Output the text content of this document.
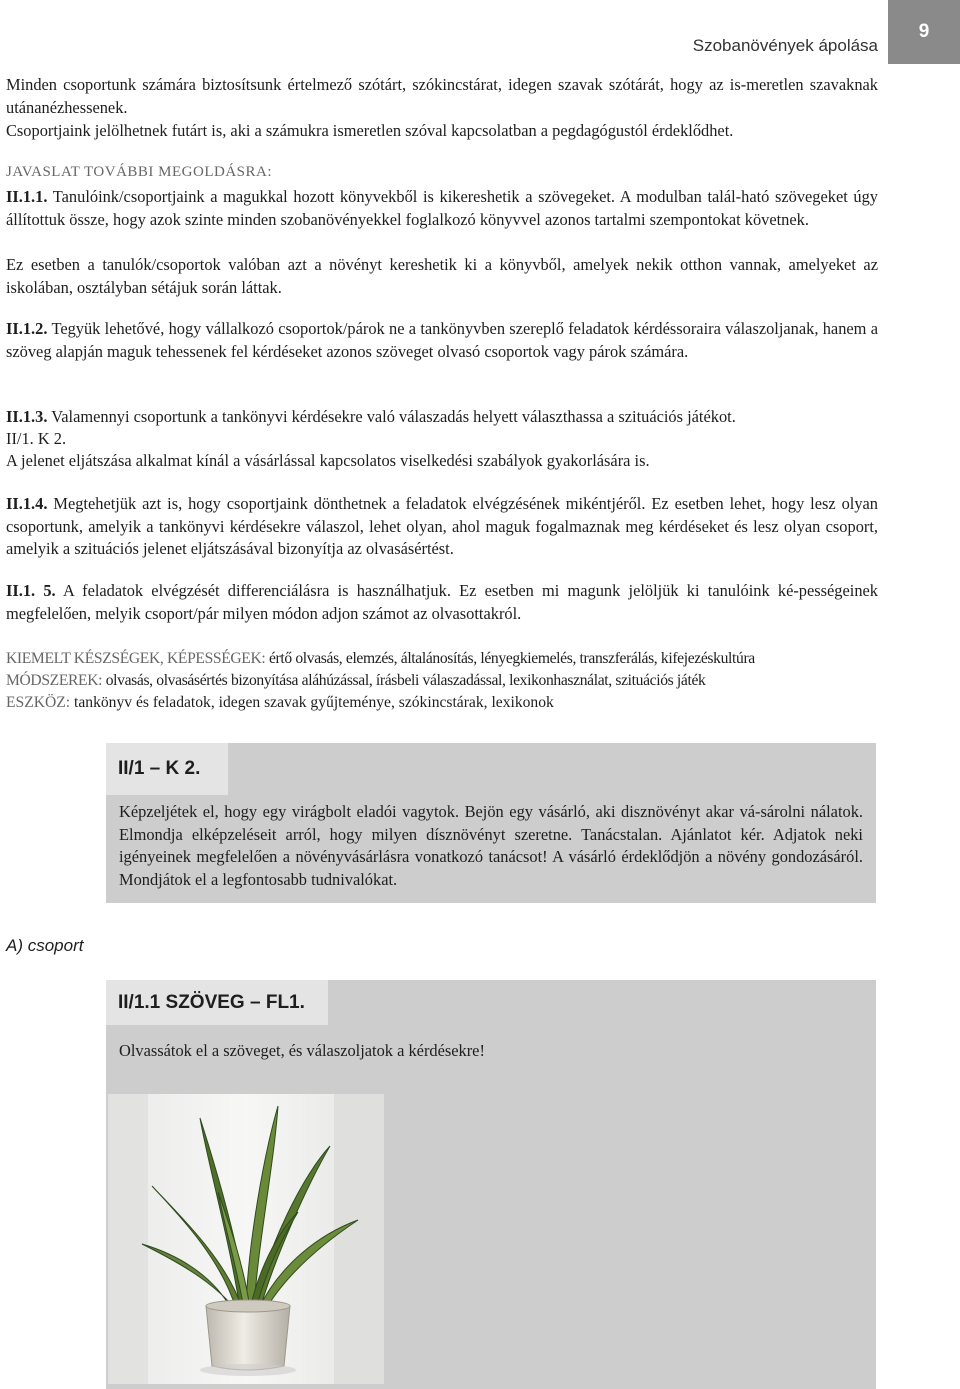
Szobanövények ápolása
9

Minden csoportunk számára biztosítsunk értelmező szótárt, szókincstárat, idegen szavak szótárát, hogy az is-meretlen szavaknak utánanézhessenek.

Csoportjaink jelölhetnek futárt is, aki a számukra ismeretlen szóval kapcsolatban a pegdagógustól érdeklődhet.

JAVASLAT TOVÁBBI MEGOLDÁSRA:

II.1.1. Tanulóink/csoportjaink a magukkal hozott könyvekből is kikereshetik a szövegeket. A modulban talál-ható szövegeket úgy állítottuk össze, hogy azok szinte minden szobanövényekkel foglalkozó könyvvel azonos tartalmi szempontokat követnek.

Ez esetben a tanulók/csoportok valóban azt a növényt kereshetik ki a könyvből, amelyek nekik otthon vannak, amelyeket az iskolában, osztályban sétájuk során láttak.

II.1.2. Tegyük lehetővé, hogy vállalkozó csoportok/párok ne a tankönyvben szereplő feladatok kérdéssoraira válaszoljanak, hanem a szöveg alapján maguk tehessenek fel kérdéseket azonos szöveget olvasó csoportok vagy párok számára.

II.1.3. Valamennyi csoportunk a tankönyvi kérdésekre való válaszadás helyett választhassa a szituációs játékot.

II/1. K 2.

A jelenet eljátszása alkalmat kínál a vásárlással kapcsolatos viselkedési szabályok gyakorlására is.

II.1.4. Megtehetjük azt is, hogy csoportjaink dönthetnek a feladatok elvégzésének mikéntjéről. Ez esetben lehet, hogy lesz olyan csoportunk, amelyik a tankönyvi kérdésekre válaszol, lehet olyan, ahol maguk fogalmaznak meg kérdéseket és lesz olyan csoport, amelyik a szituációs jelenet eljátszásával bizonyítja az olvasásértést.

II.1. 5. A feladatok elvégzését differenciálásra is használhatjuk. Ez esetben mi magunk jelöljük ki tanulóink ké-pességeinek megfelelően, melyik csoport/pár milyen módon adjon számot az olvasottakról.

KIEMELT KÉSZSÉGEK, KÉPESSÉGEK: értő olvasás, elemzés, általánosítás, lényegkiemelés, transzferálás, kifejezéskultúra

MÓDSZEREK: olvasás, olvasásértés bizonyítása aláhúzással, írásbeli válaszadással, lexikonhasználat, szituációs játék

ESZKÖZ: tankönyv és feladatok, idegen szavak gyűjteménye, szókincstárak, lexikonok

II/1 – K 2.

Képzeljétek el, hogy egy virágbolt eladói vagytok. Bejön egy vásárló, aki disznövényt akar vá-sárolni nálatok. Elmondja elképzeléseit arról, hogy milyen dísznövényt szeretne. Tanácstalan. Ajánlatot kér. Adjatok neki igényeinek megfelelően a növényvásárlásra vonatkozó tanácsot! A vásárló érdeklődjön a növény gondozásáról. Mondjátok el a legfontosabb tudnivalókat.

A) csoport
II/1.1 SZÖVEG – FL1.

Olvassátok el a szöveget, és válaszoljatok a kérdésekre!
